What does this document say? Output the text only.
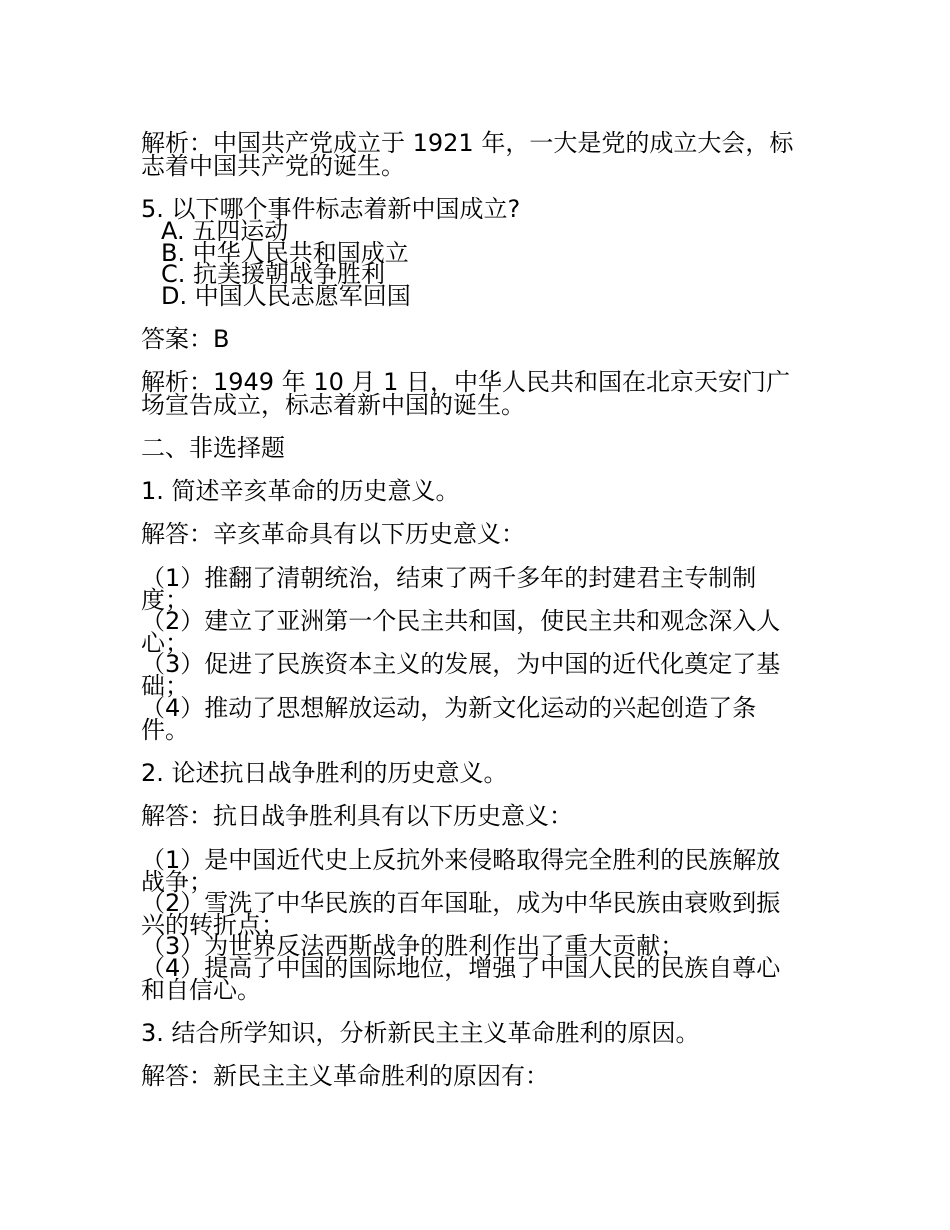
解析：中国共产党成立于 1921 年，一大是党的成立大会，标
志着中国共产党的诞生。
5. 以下哪个事件标志着新中国成立?
A. 五四运动
B. 中华人民共和国成立
C. 抗美援朝战争胜利
D. 中国人民志愿军回国
答案：B
解析：1949 年 10 月 1 日，中华人民共和国在北京天安门广
场宣告成立，标志着新中国的诞生。
二、非选择题
1. 简述辛亥革命的历史意义。
解答：辛亥革命具有以下历史意义：
（1）推翻了清朝统治，结束了两千多年的封建君主专制制
度；
（2）建立了亚洲第一个民主共和国，使民主共和观念深入人
心；
（3）促进了民族资本主义的发展，为中国的近代化奠定了基
础；
（4）推动了思想解放运动，为新文化运动的兴起创造了条
件。
2. 论述抗日战争胜利的历史意义。
解答：抗日战争胜利具有以下历史意义：
（1）是中国近代史上反抗外来侵略取得完全胜利的民族解放
战争；
（2）雪洗了中华民族的百年国耻，成为中华民族由衰败到振
兴的转折点；
（3）为世界反法西斯战争的胜利作出了重大贡献；
（4）提高了中国的国际地位，增强了中国人民的民族自尊心
和自信心。
3. 结合所学知识，分析新民主主义革命胜利的原因。
解答：新民主主义革命胜利的原因有：
